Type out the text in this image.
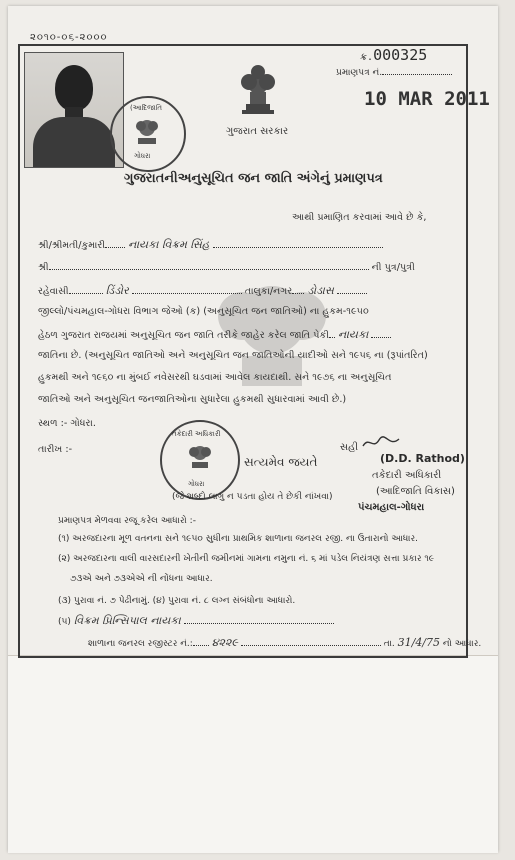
૨૦૧૦-૦૬-૨૦૦૦
(આદિજાતિ
ગોધરા
ક્ર.000325
પ્રમાણપત્ર નં.
10 MAR 2011
ગુજરાત સરકાર
ગુજરાતનીઅનુસૂચિત જન જાતિ અંગેનું પ્રમાણપત્ર
આથી પ્રમાણિત કરવામાં આવે છે કે,
શ્રી/શ્રીમતી/કુમારી નાયકા વિક્રમ સિંહ
શ્રી	ની પુત્ર/પુત્રી
રહેવાસી	ડિંડોર	તાલુકા/નગર ડોડાસ
જીલ્લો/પંચમહાલ-ગોધરા વિભાગ જેઓ (ક) (અનુસૂચિત જન જાતિઓ) ના હુકમ-૧૯૫૦
હેઠળ ગુજરાત રાજયમાં અનુસૂચિત જન જાતિ તરીકે જાહેર કરેલ જાતિ પેકી નાયકા
જાતિના છે. (અનુસૂચિત જાતિઓ અને અનુસૂચિત જન જાતિઓની યાદીઓ સને ૧૯૫૬ ના (રૂપાંતરિત)
હુકમથી અને ૧૯૬૦ ના મુંબઈ નવેસરથી ઘડવામાં આવેલ કાયદાથી. સને ૧૯૭૬ ના અનુસૂચિત
જાતિઓ અને અનુસૂચિત જનજાતિઓના સુધારેલા હુકમથી સુધારવામાં આવી છે.)
સ્થળ :- ગોધરા.
તારીખ :-
તકેદારી અધિકારી
ગોધરા
સત્યમેવ જયતે
(જે શબ્દો લાગુ ન પડતા હોય તે છેકી નાંખવા)
સહી
(D.D. Rathod)
તકેદારી અધિકારી
(આદિજાતિ વિકાસ)
પંચમહાલ-ગોધરા
પ્રમાણપત્ર મેળવવા રજૂ કરેલ આધારો :-
(૧) અરજદારના મૂળ વતનના સને ૧૯૫૦ સુધીના પ્રાથમિક શાળાના જનરલ રજી. ના ઉતારાનો આધાર.
(૨) અરજદારના વાલી વારસદારની ખેતીની જમીનમાં ગામના નમુના નં. ૬ માં પડેલ નિયંત્રણ સત્તા પ્રકાર ૧૯
૭૩એ અને ૭૩એએ ની નોંધના આધાર.
(૩) પુરાવા નં. ૭ પેઢીનામું. (૪) પુરાવા નં. ૮ લગ્ન સંબંધોના આધારો.
(૫) વિક્રમ પ્રિન્સિપાલ નાયકા
શાળાના જનરલ રજીસ્ટર નં.: ૪૨૨૯	તા. 31/4/75 નો આધાર.
